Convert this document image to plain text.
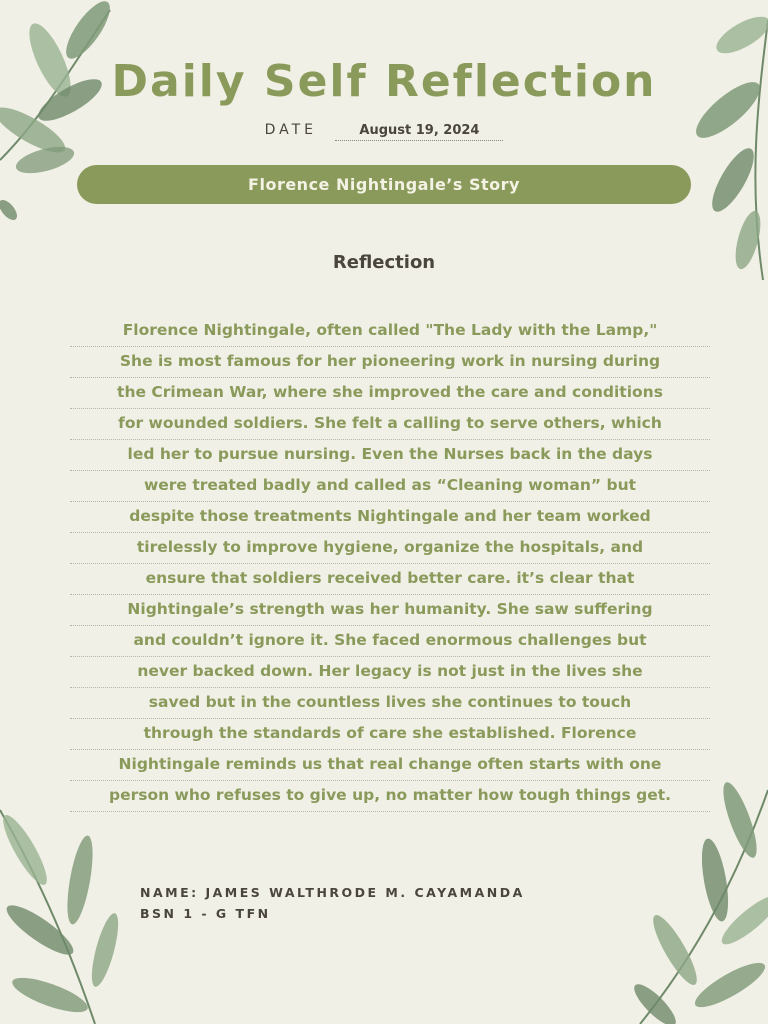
Daily Self Reflection
DATE	August 19, 2024
Florence Nightingale’s Story
Reflection
Florence Nightingale, often called "The Lady with the Lamp,"
She is most famous for her pioneering work in nursing during
the Crimean War, where she improved the care and conditions
for wounded soldiers. She felt a calling to serve others, which
led her to pursue nursing. Even the Nurses back in the days
were treated badly and called as “Cleaning woman” but
despite those treatments Nightingale and her team worked
tirelessly to improve hygiene, organize the hospitals, and
ensure that soldiers received better care. it’s clear that
Nightingale’s strength was her humanity. She saw suffering
and couldn’t ignore it. She faced enormous challenges but
never backed down. Her legacy is not just in the lives she
saved but in the countless lives she continues to touch
through the standards of care she established. Florence
Nightingale reminds us that real change often starts with one
person who refuses to give up, no matter how tough things get.
NAME: JAMES WALTHRODE M. CAYAMANDA
BSN 1 - G TFN
